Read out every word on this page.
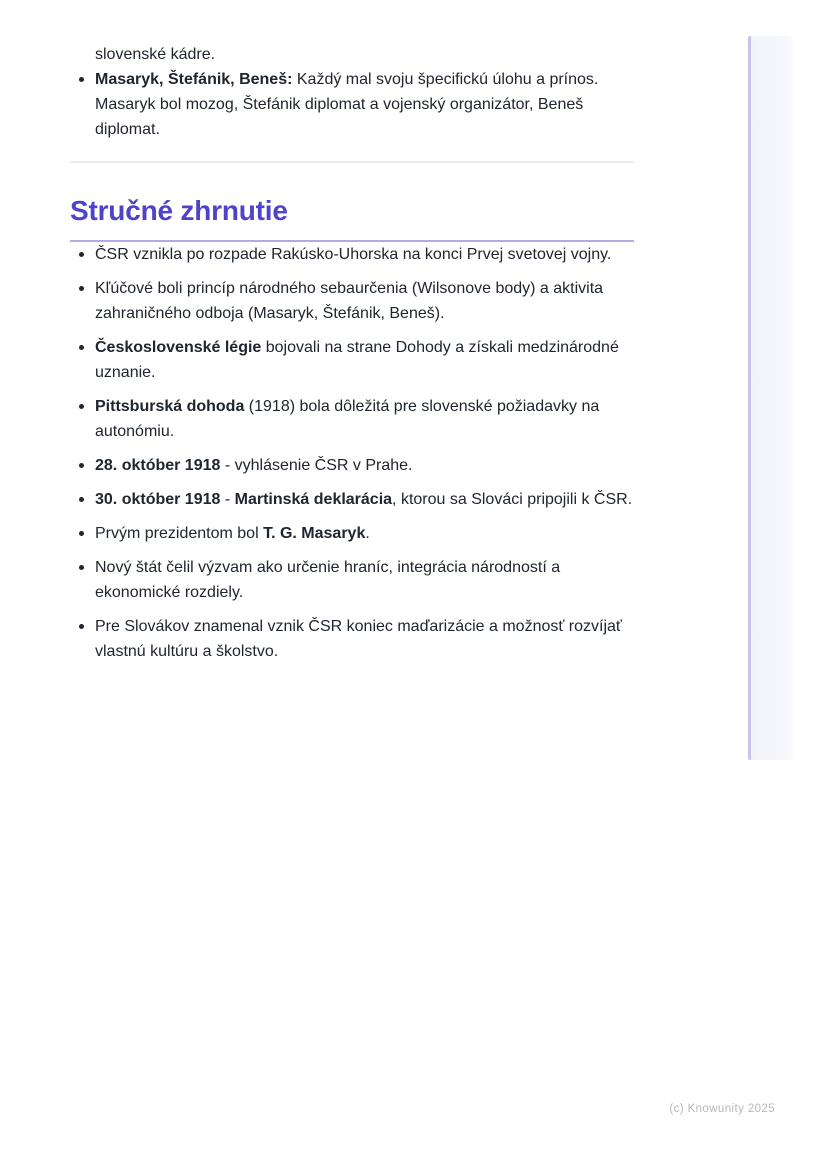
slovenské kádre.
Masaryk, Štefánik, Beneš: Každý mal svoju špecifickú úlohu a prínos. Masaryk bol mozog, Štefánik diplomat a vojenský organizátor, Beneš diplomat.
Stručné zhrnutie
ČSR vznikla po rozpade Rakúsko-Uhorska na konci Prvej svetovej vojny.
Kľúčové boli princíp národného sebaurčenia (Wilsonove body) a aktivita zahraničného odboja (Masaryk, Štefánik, Beneš).
Československé légie bojovali na strane Dohody a získali medzinárodné uznanie.
Pittsburská dohoda (1918) bola dôležitá pre slovenské požiadavky na autonómiu.
28. október 1918 - vyhlásenie ČSR v Prahe.
30. október 1918 - Martinská deklarácia, ktorou sa Slováci pripojili k ČSR.
Prvým prezidentom bol T. G. Masaryk.
Nový štát čelil výzvam ako určenie hraníc, integrácia národností a ekonomické rozdiely.
Pre Slovákov znamenal vznik ČSR koniec maďarizácie a možnosť rozvíjať vlastnú kultúru a školstvo.
(c) Knowunity 2025
